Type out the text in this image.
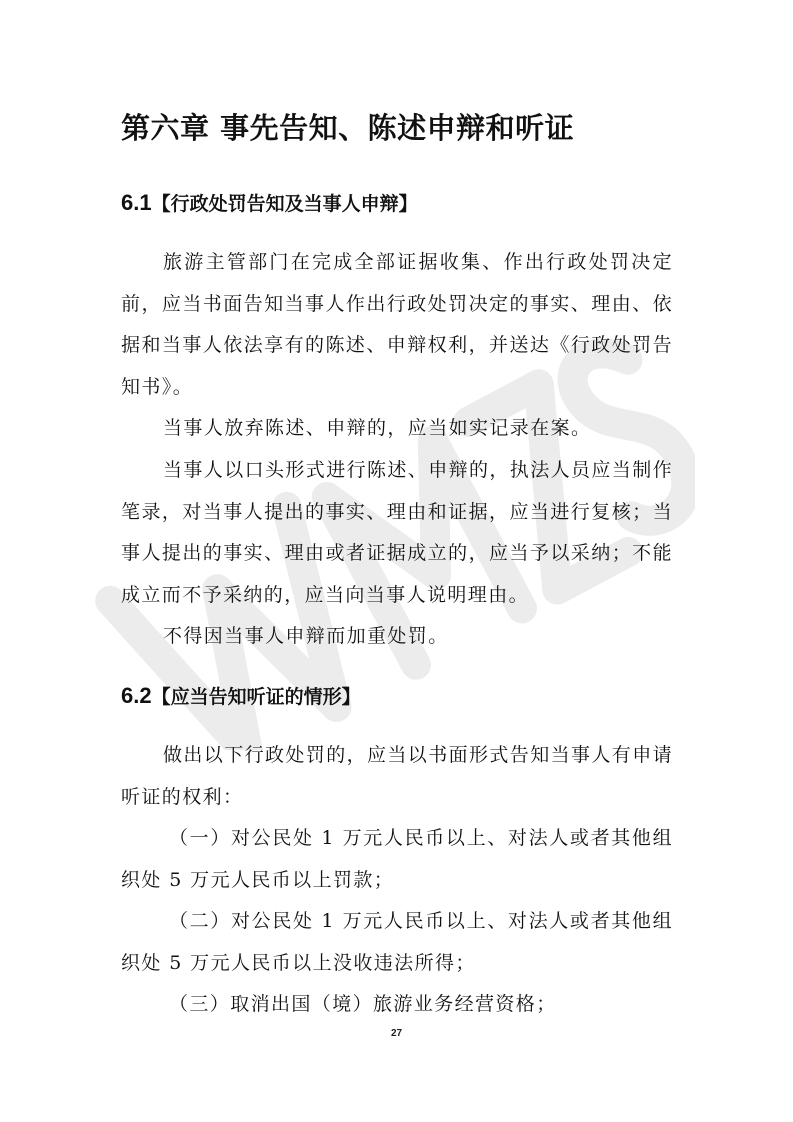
第六章 事先告知、陈述申辩和听证
6.1【行政处罚告知及当事人申辩】

旅游主管部门在完成全部证据收集、作出行政处罚决定前，应当书面告知当事人作出行政处罚决定的事实、理由、依据和当事人依法享有的陈述、申辩权利，并送达《行政处罚告知书》。

当事人放弃陈述、申辩的，应当如实记录在案。

当事人以口头形式进行陈述、申辩的，执法人员应当制作笔录，对当事人提出的事实、理由和证据，应当进行复核；当事人提出的事实、理由或者证据成立的，应当予以采纳；不能成立而不予采纳的，应当向当事人说明理由。

不得因当事人申辩而加重处罚。

6.2【应当告知听证的情形】

做出以下行政处罚的，应当以书面形式告知当事人有申请听证的权利：

（一）对公民处 1 万元人民币以上、对法人或者其他组织处 5 万元人民币以上罚款；

（二）对公民处 1 万元人民币以上、对法人或者其他组织处 5 万元人民币以上没收违法所得；

（三）取消出国（境）旅游业务经营资格；

27
